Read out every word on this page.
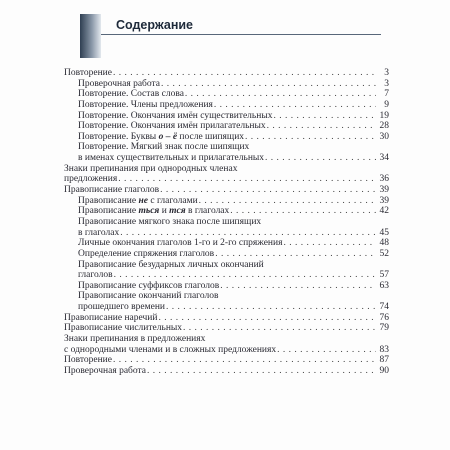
Содержание
Повторение . . .	3
Проверочная работа . . .	3
Повторение. Состав слова . . .	7
Повторение. Члены предложения . . .	9
Повторение. Окончания имён существительных . . .	19
Повторение. Окончания имён прилагательных . . .	28
Повторение. Буквы о – ё после шипящих . . .	30
Повторение. Мягкий знак после шипящих
в именах существительных и прилагательных . . .	34
Знаки препинания при однородных членах
предложения . . .	36
Правописание глаголов . . .	39
Правописание не с глаголами . . .	39
Правописание ться и тся в глаголах . . .	42
Правописание мягкого знака после шипящих
в глаголах . . .	45
Личные окончания глаголов 1-го и 2-го спряжения . . .	48
Определение спряжения глаголов . . .	52
Правописание безударных личных окончаний
глаголов . . .	57
Правописание суффиксов глаголов . . .	63
Правописание окончаний глаголов
прошедшего времени . . .	74
Правописание наречий . . .	76
Правописание числительных . . .	79
Знаки препинания в предложениях
с однородными членами и в сложных предложениях . . .	83
Повторение . . .	87
Проверочная работа . . .	90
